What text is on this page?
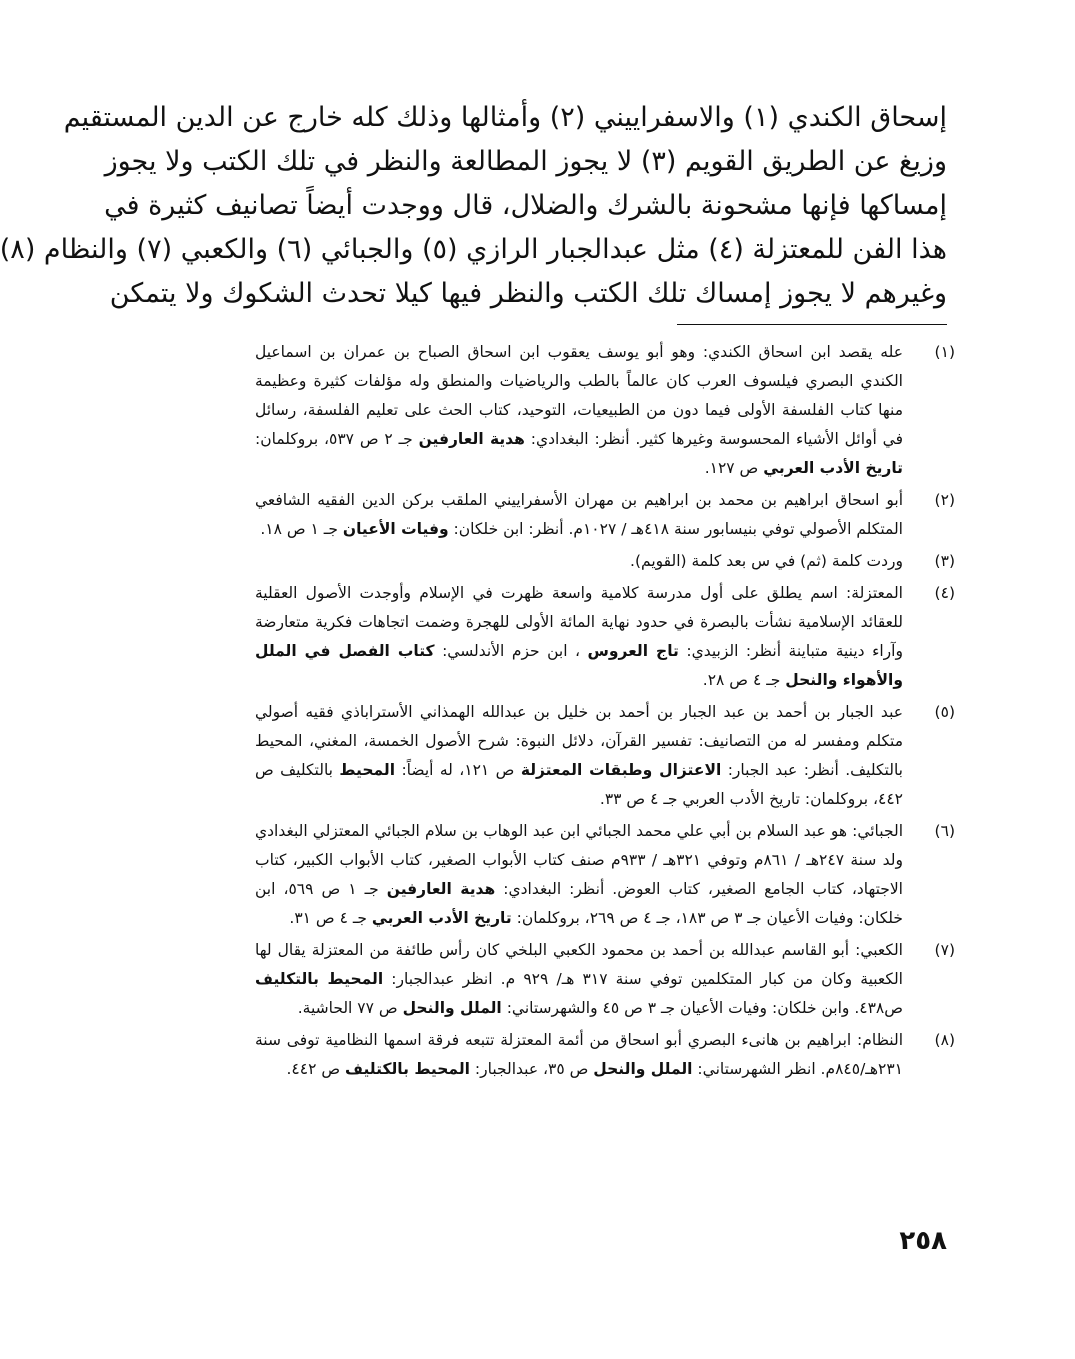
إسحاق الكندي (١) والاسفراييني (٢) وأمثالها وذلك كله خارج عن الدين المستقيم
وزيغ عن الطريق القويم (٣) لا يجوز المطالعة والنظر في تلك الكتب ولا يجوز
إمساكها فإنها مشحونة بالشرك والضلال، قال ووجدت أيضاً تصانيف كثيرة في
هذا الفن للمعتزلة (٤) مثل عبدالجبار الرازي (٥) والجبائي (٦) والكعبي (٧) والنظام (٨)
وغيرهم لا يجوز إمساك تلك الكتب والنظر فيها كيلا تحدث الشكوك ولا يتمكن
(١)
عله يقصد ابن اسحاق الكندي: وهو أبو يوسف يعقوب ابن اسحاق الصباح بن عمران بن اسماعيل الكندي البصري فيلسوف العرب كان عالماً بالطب والرياضيات والمنطق وله مؤلفات كثيرة وعظيمة منها كتاب الفلسفة الأولى فيما دون من الطبيعيات، التوحيد، كتاب الحث على تعليم الفلسفة، رسائل في أوائل الأشياء المحسوسة وغيرها كثير. أنظر: البغدادي: هدية العارفين جـ ٢ ص ٥٣٧، بروكلمان: تاريخ الأدب العربي ص ١٢٧.
(٢)
أبو اسحاق ابراهيم بن محمد بن ابراهيم بن مهران الأسفراييني الملقب بركن الدين الفقيه الشافعي المتكلم الأصولي توفي بنيسابور سنة ٤١٨هـ / ١٠٢٧م. أنظر: ابن خلكان: وفيات الأعيان جـ ١ ص ١٨.
(٣)
وردت كلمة (ثم) في س بعد كلمة (القويم).
(٤)
المعتزلة: اسم يطلق على أول مدرسة كلامية واسعة ظهرت في الإسلام وأوجدت الأصول العقلية للعقائد الإسلامية نشأت بالبصرة في حدود نهاية المائة الأولى للهجرة وضمت اتجاهات فكرية متعارضة وآراء دينية متباينة أنظر: الزبيدي: تاج العروس ، ابن حزم الأندلسي: كتاب الفصل في الملل والأهواء والنحل جـ ٤ ص ٢٨.
(٥)
عبد الجبار بن أحمد بن عبد الجبار بن أحمد بن خليل بن عبدالله الهمذاني الأستراباذي فقيه أصولي متكلم ومفسر له من التصانيف: تفسير القرآن، دلائل النبوة: شرح الأصول الخمسة، المغني، المحيط بالتكليف. أنظر: عبد الجبار: الاعتزال وطبقات المعتزلة ص ١٢١، له أيضاً: المحيط بالتكليف ص ٤٤٢، بروكلمان: تاريخ الأدب العربي جـ ٤ ص ٣٣.
(٦)
الجبائي: هو عبد السلام بن أبي علي محمد الجبائي ابن عبد الوهاب بن سلام الجبائي المعتزلي البغدادي ولد سنة ٢٤٧هـ / ٨٦١م وتوفي ٣٢١هـ / ٩٣٣م صنف كتاب الأبواب الصغير، كتاب الأبواب الكبير، كتاب الاجتهاد، كتاب الجامع الصغير، كتاب العوض. أنظر: البغدادي: هدية العارفين جـ ١ ص ٥٦٩، ابن خلكان: وفيات الأعيان جـ ٣ ص ١٨٣، جـ ٤ ص ٢٦٩، بروكلمان: تاريخ الأدب العربي جـ ٤ ص ٣١.
(٧)
الكعبي: أبو القاسم عبدالله بن أحمد بن محمود الكعبي البلخي كان رأس طائفة من المعتزلة يقال لها الكعبية وكان من كبار المتكلمين توفي سنة ٣١٧ هـ/ ٩٢٩ م. انظر عبدالجبار: المحيط بالتكليف ص٤٣٨. وابن خلكان: وفيات الأعيان جـ ٣ ص ٤٥ والشهرستاني: الملل والنحل ص ٧٧ الحاشية.
(٨)
النظام: ابراهيم بن هانىء البصري أبو اسحاق من أئمة المعتزلة تتبعه فرقة اسمها النظامية توفى سنة ٢٣١هـ/٨٤٥م. انظر الشهرستاني: الملل والنحل ص ٣٥، عبدالجبار: المحيط بالكتليف ص ٤٤٢.
٢٥٨
